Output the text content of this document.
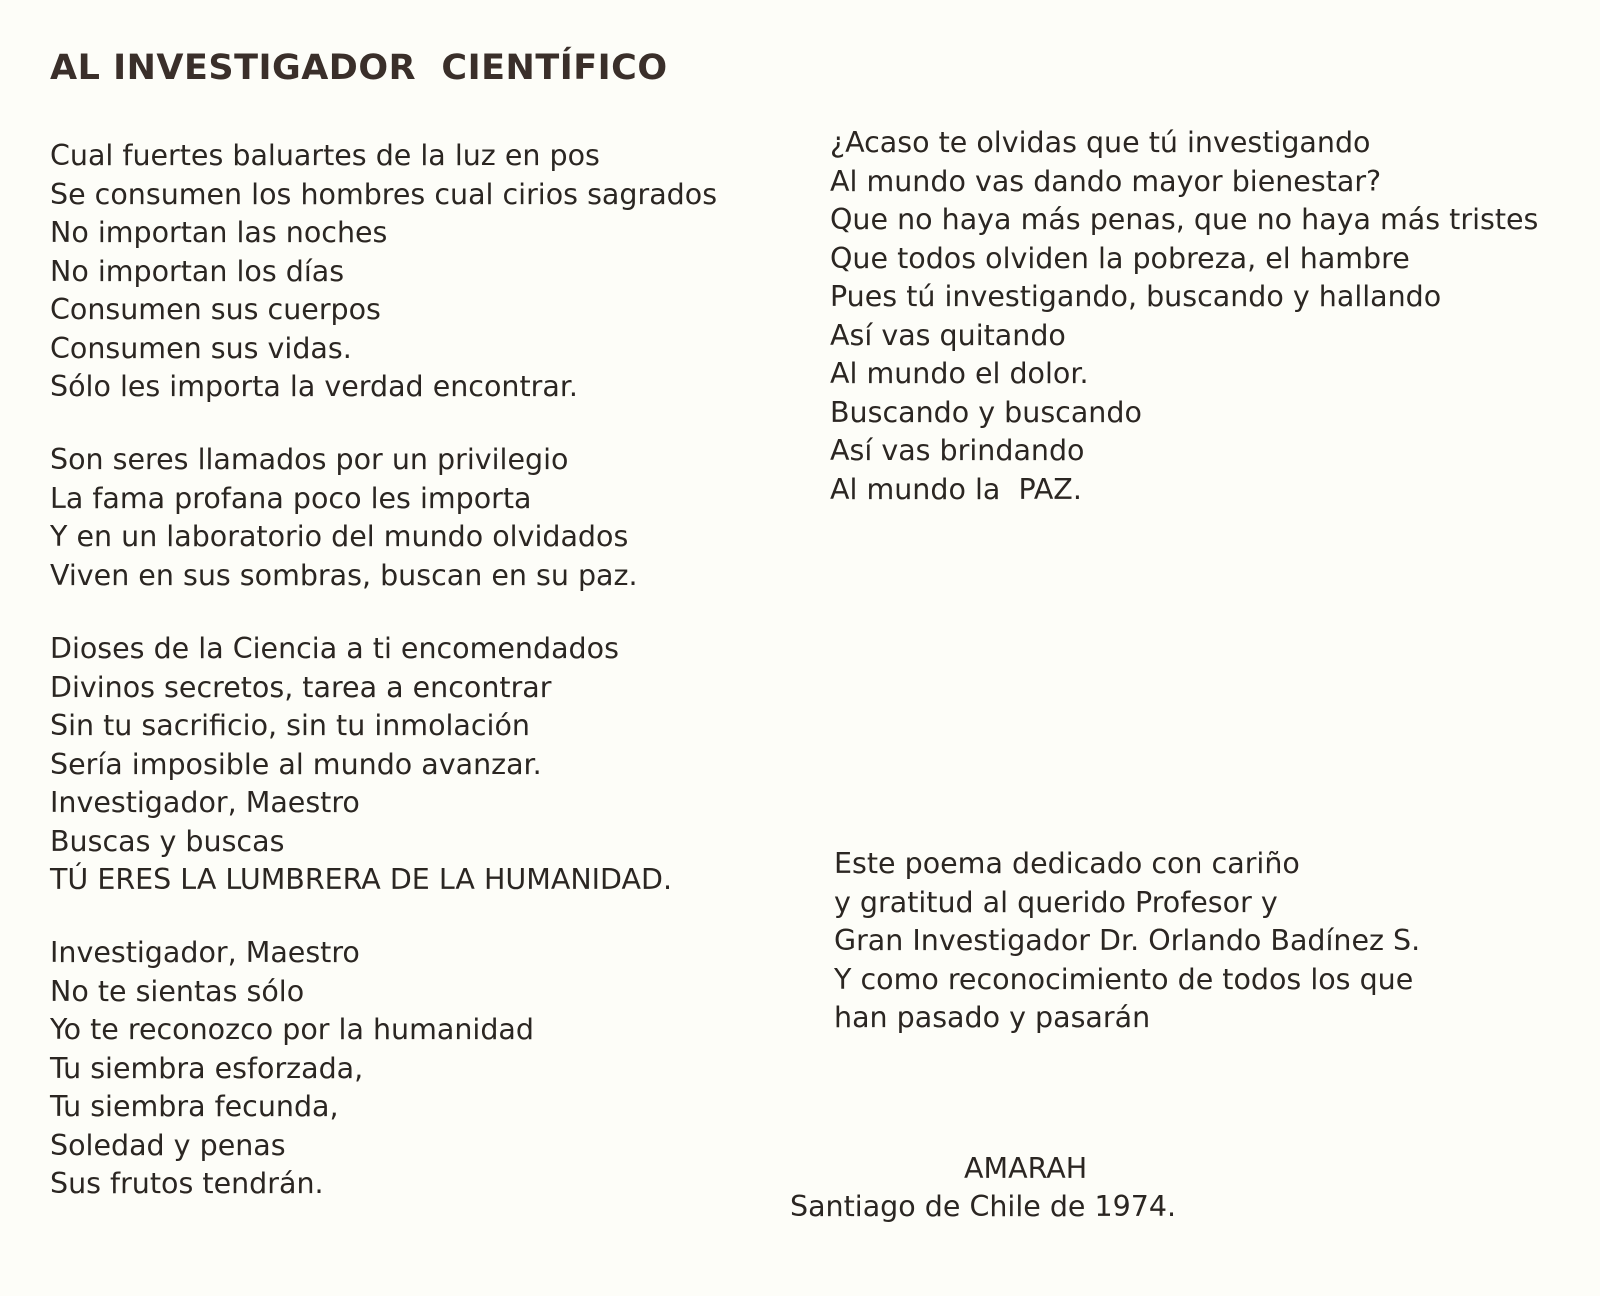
AL INVESTIGADOR  CIENTÍFICO
Cual fuertes baluartes de la luz en pos
Se consumen los hombres cual cirios sagrados
No importan las noches
No importan los días
Consumen sus cuerpos
Consumen sus vidas.
Sólo les importa la verdad encontrar.
Son seres llamados por un privilegio
La fama profana poco les importa
Y en un laboratorio del mundo olvidados
Viven en sus sombras, buscan en su paz.
Dioses de la Ciencia a ti encomendados
Divinos secretos, tarea a encontrar
Sin tu sacrificio, sin tu inmolación
Sería imposible al mundo avanzar.
Investigador, Maestro
Buscas y buscas
TÚ ERES LA LUMBRERA DE LA HUMANIDAD.
Investigador, Maestro
No te sientas sólo
Yo te reconozco por la humanidad
Tu siembra esforzada,
Tu siembra fecunda,
Soledad y penas
Sus frutos tendrán.
¿Acaso te olvidas que tú investigando
Al mundo vas dando mayor bienestar?
Que no haya más penas, que no haya más tristes
Que todos olviden la pobreza, el hambre
Pues tú investigando, buscando y hallando
Así vas quitando
Al mundo el dolor.
Buscando y buscando
Así vas brindando
Al mundo la  PAZ.
Este poema dedicado con cariño
y gratitud al querido Profesor y
Gran Investigador Dr. Orlando Badínez S.
Y como reconocimiento de todos los que
han pasado y pasarán
AMARAH
Santiago de Chile de 1974.
